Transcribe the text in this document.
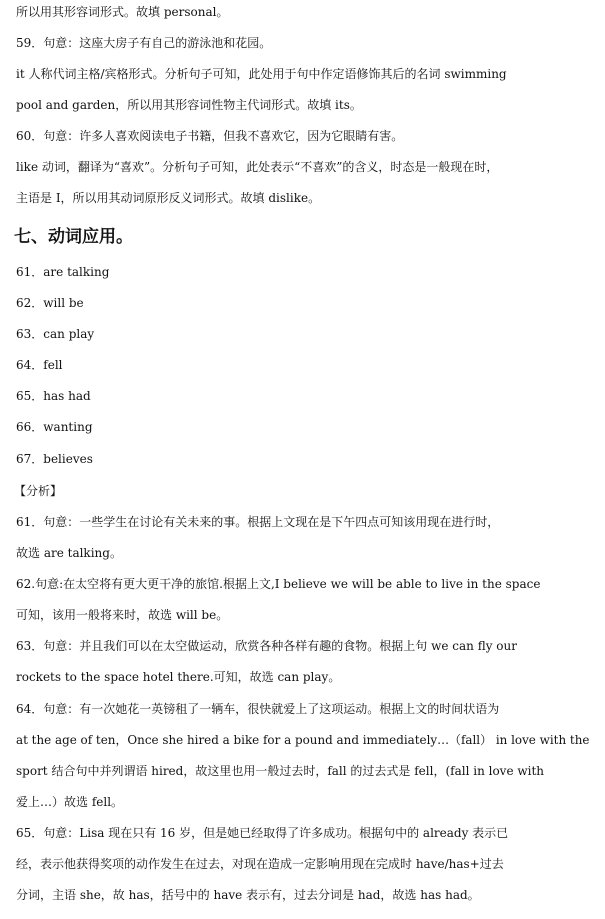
所以用其形容词形式。故填 personal。
59．句意：这座大房子有自己的游泳池和花园。
it 人称代词主格/宾格形式。分析句子可知，此处用于句中作定语修饰其后的名词 swimming
pool and garden，所以用其形容词性物主代词形式。故填 its。
60．句意：许多人喜欢阅读电子书籍，但我不喜欢它，因为它眼睛有害。
like 动词，翻译为“喜欢”。分析句子可知，此处表示“不喜欢”的含义，时态是一般现在时，
主语是 I，所以用其动词原形反义词形式。故填 dislike。
七、动词应用。
61．are talking
62．will be
63．can play
64．fell
65．has had
66．wanting
67．believes
【分析】
61．句意：一些学生在讨论有关未来的事。根据上文现在是下午四点可知该用现在进行时，
故选 are talking。
62.句意:在太空将有更大更干净的旅馆.根据上文,I believe we will be able to live in the space
可知，该用一般将来时，故选 will be。
63．句意：并且我们可以在太空做运动，欣赏各种各样有趣的食物。根据上句 we can fly our
rockets to the space hotel there.可知，故选 can play。
64．句意：有一次她花一英镑租了一辆车，很快就爱上了这项运动。根据上文的时间状语为
at the age of ten，Once she hired a bike for a pound and immediately…（fall） in love with the
sport 结合句中并列谓语 hired，故这里也用一般过去时，fall 的过去式是 fell，(fall in love with
爱上…）故选 fell。
65．句意：Lisa 现在只有 16 岁，但是她已经取得了许多成功。根据句中的 already 表示已
经，表示他获得奖项的动作发生在过去，对现在造成一定影响用现在完成时 have/has+过去
分词，主语 she，故 has，括号中的 have 表示有，过去分词是 had，故选 has had。
